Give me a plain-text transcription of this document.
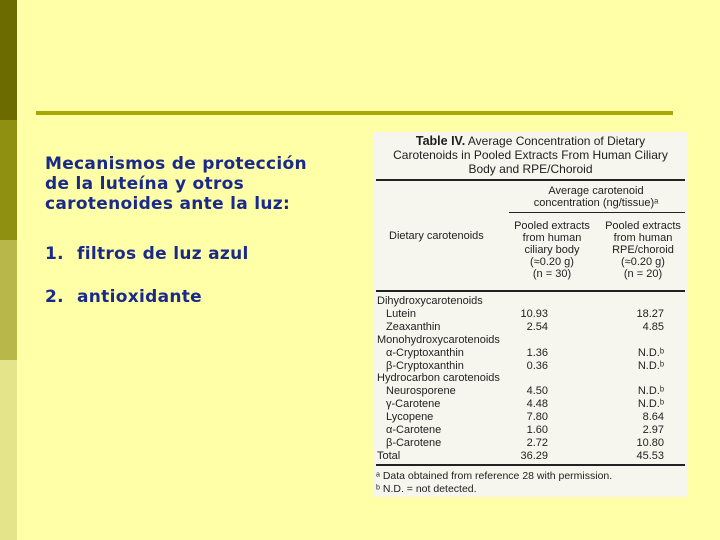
Mecanismos de protección
de la luteína y otros
carotenoides ante la luz:
1. filtros de luz azul
2. antioxidante
Table IV. Average Concentration of Dietary
Carotenoids in Pooled Extracts From Human Ciliary
Body and RPE/Choroid
Average carotenoid
concentration (ng/tissue)ᵃ
Dietary carotenoids
Pooled extracts
from human
ciliary body
(≈0.20 g)
(n = 30)
Pooled extracts
from human
RPE/choroid
(≈0.20 g)
(n = 20)
Dihydroxycarotenoids
Lutein	10.93	18.27
Zeaxanthin	2.54	4.85
Monohydroxycarotenoids
α-Cryptoxanthin	1.36	N.D.ᵇ
β-Cryptoxanthin	0.36	N.D.ᵇ
Hydrocarbon carotenoids
Neurosporene	4.50	N.D.ᵇ
γ-Carotene	4.48	N.D.ᵇ
Lycopene	7.80	8.64
α-Carotene	1.60	2.97
β-Carotene	2.72	10.80
Total	36.29	45.53
ᵃ Data obtained from reference 28 with permission.
ᵇ N.D. = not detected.
